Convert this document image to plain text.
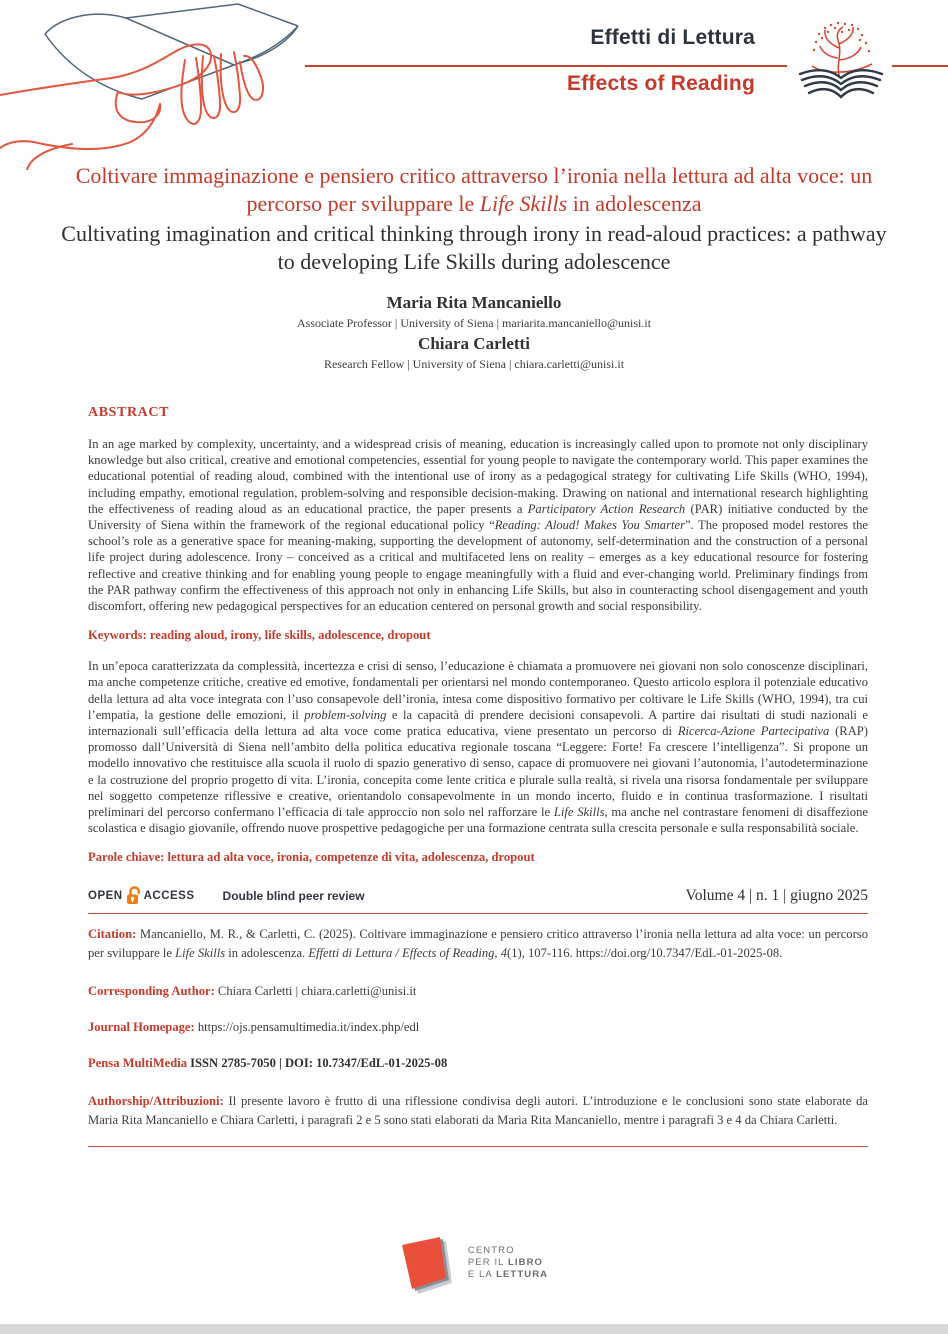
Effetti di Lettura
Effects of Reading
Coltivare immaginazione e pensiero critico attraverso l’ironia nella lettura ad alta voce: un percorso per sviluppare le Life Skills in adolescenza
Cultivating imagination and critical thinking through irony in read-aloud practices: a pathway to developing Life Skills during adolescence
Maria Rita Mancaniello
Associate Professor | University of Siena | mariarita.mancaniello@unisi.it
Chiara Carletti
Research Fellow | University of Siena | chiara.carletti@unisi.it
ABSTRACT
In an age marked by complexity, uncertainty, and a widespread crisis of meaning, education is increasingly called upon to promote not only disciplinary knowledge but also critical, creative and emotional competencies, essential for young people to navigate the contemporary world. This paper examines the educational potential of reading aloud, combined with the intentional use of irony as a pedagogical strategy for cultivating Life Skills (WHO, 1994), including empathy, emotional regulation, problem-solving and responsible decision-making. Drawing on national and international research highlighting the effectiveness of reading aloud as an educational practice, the paper presents a Participatory Action Research (PAR) initiative conducted by the University of Siena within the framework of the regional educational policy “Reading: Aloud! Makes You Smarter”. The proposed model restores the school’s role as a generative space for meaning-making, supporting the development of autonomy, self-determination and the construction of a personal life project during adolescence. Irony – conceived as a critical and multifaceted lens on reality – emerges as a key educational resource for fostering reflective and creative thinking and for enabling young people to engage meaningfully with a fluid and ever-changing world. Preliminary findings from the PAR pathway confirm the effectiveness of this approach not only in enhancing Life Skills, but also in counteracting school disengagement and youth discomfort, offering new pedagogical perspectives for an education centered on personal growth and social responsibility.
Keywords: reading aloud, irony, life skills, adolescence, dropout
In un’epoca caratterizzata da complessità, incertezza e crisi di senso, l’educazione è chiamata a promuovere nei giovani non solo conoscenze disciplinari, ma anche competenze critiche, creative ed emotive, fondamentali per orientarsi nel mondo contemporaneo. Questo articolo esplora il potenziale educativo della lettura ad alta voce integrata con l’uso consapevole dell’ironia, intesa come dispositivo formativo per coltivare le Life Skills (WHO, 1994), tra cui l’empatia, la gestione delle emozioni, il problem-solving e la capacità di prendere decisioni consapevoli. A partire dai risultati di studi nazionali e internazionali sull’efficacia della lettura ad alta voce come pratica educativa, viene presentato un percorso di Ricerca-Azione Partecipativa (RAP) promosso dall’Università di Siena nell’ambito della politica educativa regionale toscana “Leggere: Forte! Fa crescere l’intelligenza”. Si propone un modello innovativo che restituisce alla scuola il ruolo di spazio generativo di senso, capace di promuovere nei giovani l’autonomia, l’autodeterminazione e la costruzione del proprio progetto di vita. L’ironia, concepita come lente critica e plurale sulla realtà, si rivela una risorsa fondamentale per sviluppare nel soggetto competenze riflessive e creative, orientandolo consapevolmente in un mondo incerto, fluido e in continua trasformazione. I risultati preliminari del percorso confermano l’efficacia di tale approccio non solo nel rafforzare le Life Skills, ma anche nel contrastare fenomeni di disaffezione scolastica e disagio giovanile, offrendo nuove prospettive pedagogiche per una formazione centrata sulla crescita personale e sulla responsabilità sociale.
Parole chiave: lettura ad alta voce, ironia, competenze di vita, adolescenza, dropout
OPEN ACCESS Double blind peer review	Volume 4 | n. 1 | giugno 2025
Citation: Mancaniello, M. R., & Carletti, C. (2025). Coltivare immaginazione e pensiero critico attraverso l’ironia nella lettura ad alta voce: un percorso per sviluppare le Life Skills in adolescenza. Effetti di Lettura / Effects of Reading, 4(1), 107-116. https://doi.org/10.7347/EdL-01-2025-08.
Corresponding Author: Chiara Carletti | chiara.carletti@unisi.it
Journal Homepage: https://ojs.pensamultimedia.it/index.php/edl
Pensa MultiMedia ISSN 2785-7050 | DOI: 10.7347/EdL-01-2025-08
Authorship/Attribuzioni: Il presente lavoro è frutto di una riflessione condivisa degli autori. L’introduzione e le conclusioni sono state elaborate da Maria Rita Mancaniello e Chiara Carletti, i paragrafi 2 e 5 sono stati elaborati da Maria Rita Mancaniello, mentre i paragrafi 3 e 4 da Chiara Carletti.
CENTRO
PER IL LIBRO
E LA LETTURA
